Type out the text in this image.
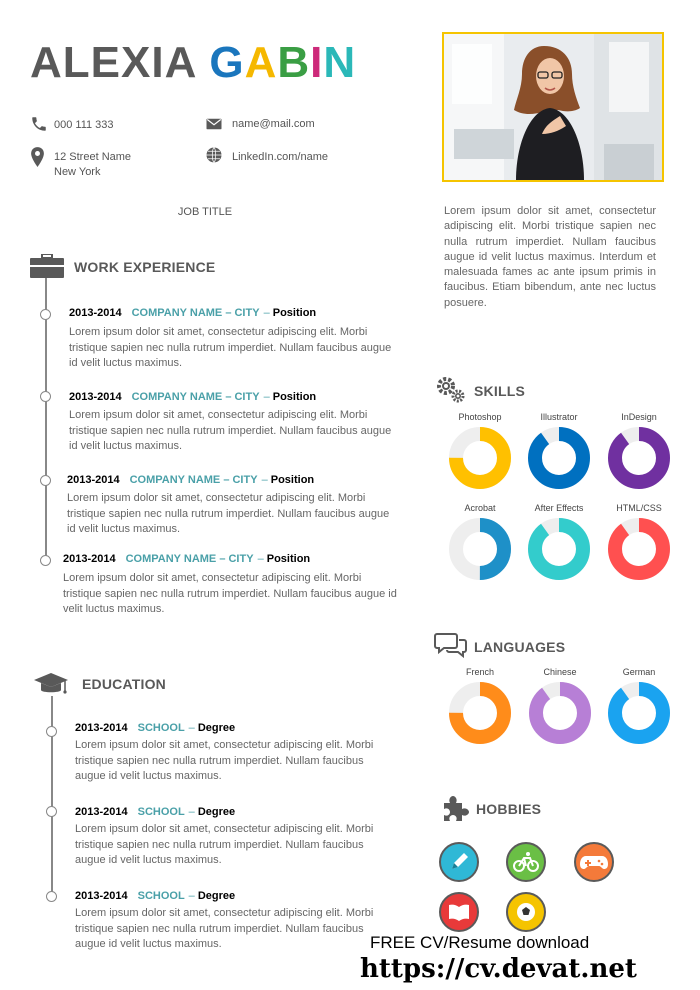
ALEXIA GABIN
000 111 333	name@mail.com
12 Street Name
New York
LinkedIn.com/name
JOB TITLE
WORK EXPERIENCE
2013-2014 COMPANY NAME – CITY – Position
Lorem ipsum dolor sit amet, consectetur adipiscing elit. Morbi tristique sapien nec nulla rutrum imperdiet. Nullam faucibus augue id velit luctus maximus.
2013-2014 COMPANY NAME – CITY – Position
Lorem ipsum dolor sit amet, consectetur adipiscing elit. Morbi tristique sapien nec nulla rutrum imperdiet. Nullam faucibus augue id velit luctus maximus.
2013-2014 COMPANY NAME – CITY – Position
Lorem ipsum dolor sit amet, consectetur adipiscing elit. Morbi tristique sapien nec nulla rutrum imperdiet. Nullam faucibus augue id velit luctus maximus.
2013-2014 COMPANY NAME – CITY – Position
Lorem ipsum dolor sit amet, consectetur adipiscing elit. Morbi tristique sapien nec nulla rutrum imperdiet. Nullam faucibus augue id velit luctus maximus.
EDUCATION
2013-2014 SCHOOL – Degree
Lorem ipsum dolor sit amet, consectetur adipiscing elit. Morbi tristique sapien nec nulla rutrum imperdiet. Nullam faucibus augue id velit luctus maximus.
2013-2014 SCHOOL – Degree
Lorem ipsum dolor sit amet, consectetur adipiscing elit. Morbi tristique sapien nec nulla rutrum imperdiet. Nullam faucibus augue id velit luctus maximus.
2013-2014 SCHOOL – Degree
Lorem ipsum dolor sit amet, consectetur adipiscing elit. Morbi tristique sapien nec nulla rutrum imperdiet. Nullam faucibus augue id velit luctus maximus.
Lorem ipsum dolor sit amet, consectetur adipiscing elit. Morbi tristique sapien nec nulla rutrum imperdiet. Nullam faucibus augue id velit luctus maximus. Interdum et malesuada fames ac ante ipsum primis in faucibus. Etiam bibendum, ante nec luctus posuere.
SKILLS
Photoshop	Illustrator	InDesign
Acrobat	After Effects	HTML/CSS
LANGUAGES
French	Chinese	German
HOBBIES
FREE CV/Resume download
https://cv.devat.net
